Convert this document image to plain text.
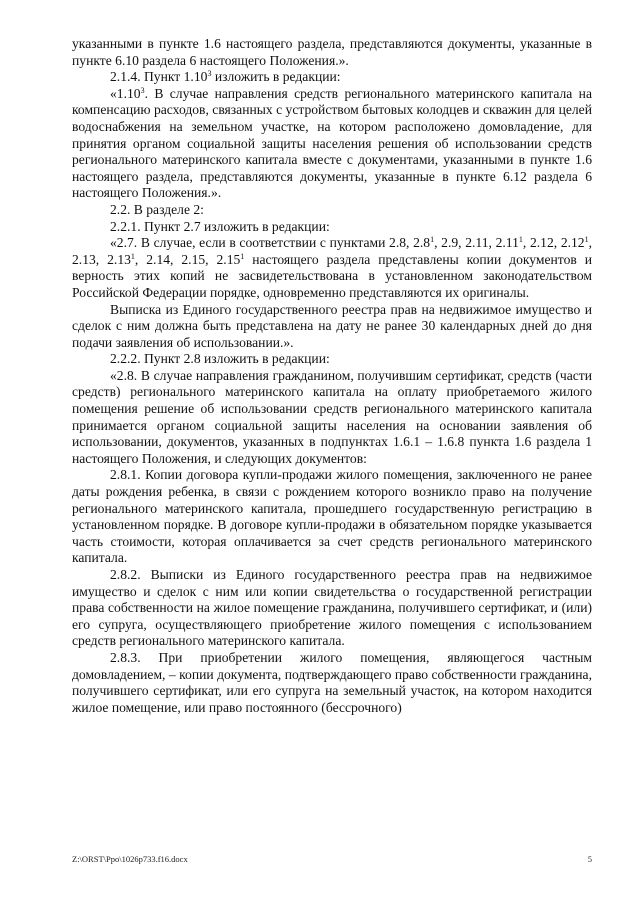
указанными в пункте 1.6 настоящего раздела, представляются документы, указанные в пункте 6.10 раздела 6 настоящего Положения.».

2.1.4. Пункт 1.10$^3$ изложить в редакции:

«1.10$^3$. В случае направления средств регионального материнского капитала на компенсацию расходов, связанных с устройством бытовых колодцев и скважин для целей водоснабжения на земельном участке, на котором расположено домовладение, для принятия органом социальной защиты населения решения об использовании средств регионального материнского капитала вместе с документами, указанными в пункте 1.6 настоящего раздела, представляются документы, указанные в пункте 6.12 раздела 6 настоящего Положения.».

2.2. В разделе 2:

2.2.1. Пункт 2.7 изложить в редакции:

«2.7. В случае, если в соответствии с пунктами 2.8, $2.8^1$, 2.9, 2.11, 2.11$^1$, 2.12, 2.12$^1$, 2.13, 2.13$^1$, 2.14, 2.15, 2.15$^1$ настоящего раздела представлены копии документов и верность этих копий не засвидетельствована в установленном законодательством Российской Федерации порядке, одновременно представляются их оригиналы.

Выписка из Единого государственного реестра прав на недвижимое имущество и сделок с ним должна быть представлена на дату не ранее 30 календарных дней до дня подачи заявления об использовании.».

2.2.2. Пункт 2.8 изложить в редакции:

«2.8. В случае направления гражданином, получившим сертификат, средств (части средств) регионального материнского капитала на оплату приобретаемого жилого помещения решение об использовании средств регионального материнского капитала принимается органом социальной защиты населения на основании заявления об использовании, документов, указанных в подпунктах 1.6.1 – 1.6.8 пункта 1.6 раздела 1 настоящего Положения, и следующих документов:

2.8.1. Копии договора купли-продажи жилого помещения, заключенного не ранее даты рождения ребенка, в связи с рождением которого возникло право на получение регионального материнского капитала, прошедшего государственную регистрацию в установленном порядке. В договоре купли-продажи в обязательном порядке указывается часть стоимости, которая оплачивается за счет средств регионального материнского капитала.

2.8.2. Выписки из Единого государственного реестра прав на недвижимое имущество и сделок с ним или копии свидетельства о государственной регистрации права собственности на жилое помещение гражданина, получившего сертификат, и (или) его супруга, осуществляющего приобретение жилого помещения с использованием средств регионального материнского капитала.

2.8.3. При приобретении жилого помещения, являющегося частным домовладением, – копии документа, подтверждающего право собственности гражданина, получившего сертификат, или его супруга на земельный участок, на котором находится жилое помещение, или право постоянного (бессрочного)

Z:\ORST\Ppo\1026p733.f16.docx	5
